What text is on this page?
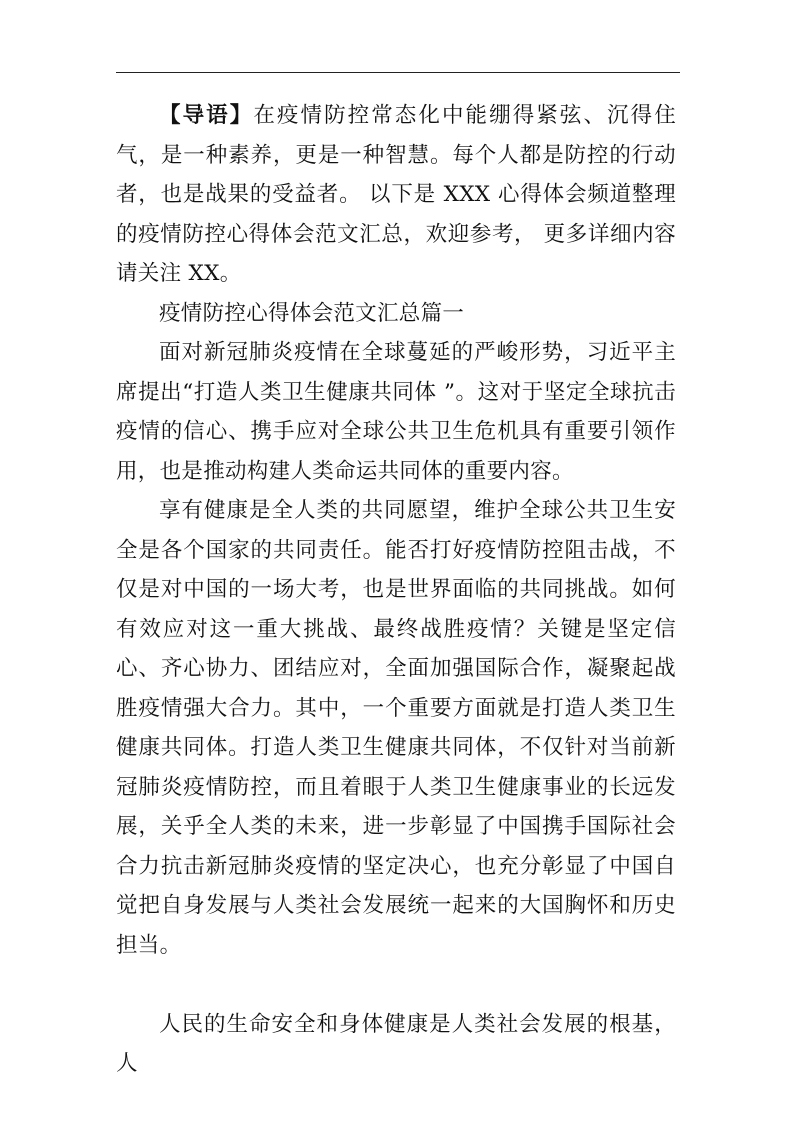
【导语】在疫情防控常态化中能绷得紧弦、沉得住气，是一种素养，更是一种智慧。每个人都是防控的行动者，也是战果的受益者。 以下是 XXX 心得体会频道整理的疫情防控心得体会范文汇总，欢迎参考， 更多详细内容请关注 XX。

疫情防控心得体会范文汇总篇一

面对新冠肺炎疫情在全球蔓延的严峻形势，习近平主席提出“打造人类卫生健康共同体 ”。这对于坚定全球抗击疫情的信心、携手应对全球公共卫生危机具有重要引领作用，也是推动构建人类命运共同体的重要内容。

享有健康是全人类的共同愿望，维护全球公共卫生安全是各个国家的共同责任。能否打好疫情防控阻击战，不仅是对中国的一场大考，也是世界面临的共同挑战。如何有效应对这一重大挑战、最终战胜疫情？关键是坚定信心、齐心协力、团结应对，全面加强国际合作，凝聚起战胜疫情强大合力。其中，一个重要方面就是打造人类卫生健康共同体。打造人类卫生健康共同体，不仅针对当前新冠肺炎疫情防控，而且着眼于人类卫生健康事业的长远发展，关乎全人类的未来，进一步彰显了中国携手国际社会合力抗击新冠肺炎疫情的坚定决心，也充分彰显了中国自觉把自身发展与人类社会发展统一起来的大国胸怀和历史担当。

人民的生命安全和身体健康是人类社会发展的根基，人
